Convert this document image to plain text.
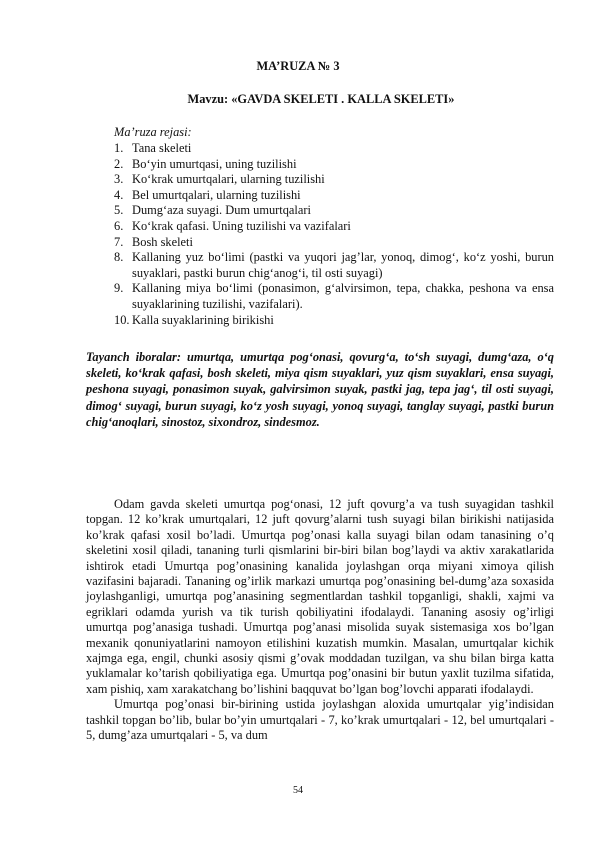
MA’RUZA № 3
Mavzu: «GAVDA SKELETI . KALLA SKELETI»
Ma’ruza rejasi:
1. Tana skeleti
2. Bo‘yin umurtqasi, uning tuzilishi
3. Ko‘krak umurtqalari, ularning tuzilishi
4. Bel umurtqalari, ularning tuzilishi
5. Dumg‘aza suyagi. Dum umurtqalari
6. Ko‘krak qafasi. Uning tuzilishi va vazifalari
7. Bosh skeleti
8. Kallaning yuz bo‘limi (pastki va yuqori jag’lar, yonoq, dimog‘, ko‘z yoshi, burun suyaklari, pastki burun chig‘anog‘i, til osti suyagi)
9. Kallaning miya bo‘limi (ponasimon, g‘alvirsimon, tepa, chakka, peshona va ensa suyaklarining tuzilishi, vazifalari).
10. Kalla suyaklarining birikishi
Tayanch iboralar: umurtqa, umurtqa pog‘onasi, qovurg‘a, to‘sh suyagi, dumg‘aza, o‘q skeleti, ko‘krak qafasi, bosh skeleti, miya qism suyaklari, yuz qism suyaklari, ensa suyagi, peshona suyagi, ponasimon suyak, galvirsimon suyak, pastki jag, tepa jag‘, til osti suyagi, dimog‘ suyagi, burun suyagi, ko‘z yosh suyagi, yonoq suyagi, tanglay suyagi, pastki burun chig‘anoqlari, sinostoz, sixondroz, sindesmoz.

Odam gavda skeleti umurtqa pog‘onasi, 12 juft qovurg’a va tush suyagidan tashkil topgan. 12 ko’krak umurtqalari, 12 juft qovurg’alarni tush suyagi bilan birikishi natijasida ko’krak qafasi xosil bo’ladi. Umurtqa pog’onasi kalla suyagi bilan odam tanasining o’q skeletini xosil qiladi, tananing turli qismlarini bir-biri bilan bog’laydi va aktiv xarakatlarida ishtirok etadi Umurtqa pog’onasining kanalida joylashgan orqa miyani ximoya qilish vazifasini bajaradi. Tananing og’irlik markazi umurtqa pog’onasining bel-dumg’aza soxasida joylashganligi, umurtqa pog’anasining segmentlardan tashkil topganligi, shakli, xajmi va egriklari odamda yurish va tik turish qobiliyatini ifodalaydi. Tananing asosiy og’irligi umurtqa pog’anasiga tushadi. Umurtqa pog’anasi misolida suyak sistemasiga xos bo’lgan mexanik qonuniyatlarini namoyon etilishini kuzatish mumkin. Masalan, umurtqalar kichik xajmga ega, engil, chunki asosiy qismi g’ovak moddadan tuzilgan, va shu bilan birga katta yuklamalar ko’tarish qobiliyatiga ega. Umurtqa pog’onasini bir butun yaxlit tuzilma sifatida, xam pishiq, xam xarakatchang bo’lishini baqquvat bo’lgan bog’lovchi apparati ifodalaydi.

Umurtqa pog’onasi bir-birining ustida joylashgan aloxida umurtqalar yig’indisidan tashkil topgan bo’lib, bular bo’yin umurtqalari - 7, ko’krak umurtqalari - 12, bel umurtqalari - 5, dumg’aza umurtqalari - 5, va dum

54
